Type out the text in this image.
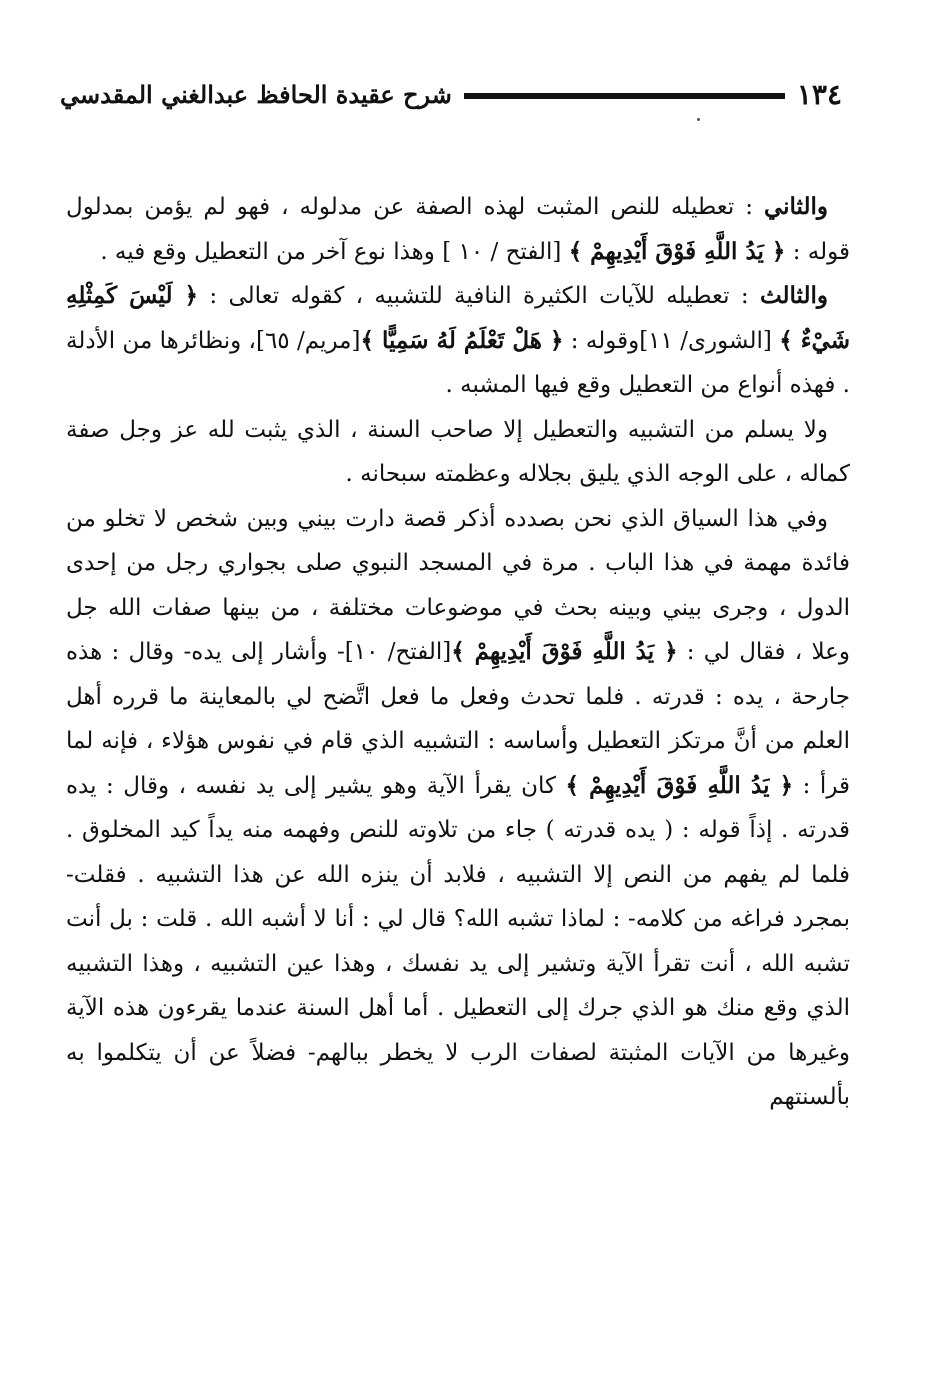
١٣٤
شرح عقيدة الحافظ عبدالغني المقدسي

والثاني : تعطيله للنص المثبت لهذه الصفة عن مدلوله ، فهو لم يؤمن بمدلول قوله : ﴿ يَدُ اللَّهِ فَوْقَ أَيْدِيهِمْ ﴾ [الفتح / ١٠ ] وهذا نوع آخر من التعطيل وقع فيه .

والثالث : تعطيله للآيات الكثيرة النافية للتشبيه ، كقوله تعالى : ﴿ لَيْسَ كَمِثْلِهِ شَيْءٌ ﴾ [الشورى/ ١١]وقوله : ﴿ هَلْ تَعْلَمُ لَهُ سَمِيًّا ﴾[مريم/ ٦٥]، ونظائرها من الأدلة . فهذه أنواع من التعطيل وقع فيها المشبه .

ولا يسلم من التشبيه والتعطيل إلا صاحب السنة ، الذي يثبت لله عز وجل صفة كماله ، على الوجه الذي يليق بجلاله وعظمته سبحانه .

وفي هذا السياق الذي نحن بصدده أذكر قصة دارت بيني وبين شخص لا تخلو من فائدة مهمة في هذا الباب . مرة في المسجد النبوي صلى بجواري رجل من إحدى الدول ، وجرى بيني وبينه بحث في موضوعات مختلفة ، من بينها صفات الله جل وعلا ، فقال لي : ﴿ يَدُ اللَّهِ فَوْقَ أَيْدِيهِمْ ﴾[الفتح/ ١٠]- وأشار إلى يده- وقال : هذه جارحة ، يده : قدرته . فلما تحدث وفعل ما فعل اتَّضح لي بالمعاينة ما قرره أهل العلم من أنَّ مرتكز التعطيل وأساسه : التشبيه الذي قام في نفوس هؤلاء ، فإنه لما قرأ : ﴿ يَدُ اللَّهِ فَوْقَ أَيْدِيهِمْ ﴾ كان يقرأ الآية وهو يشير إلى يد نفسه ، وقال : يده قدرته . إذاً قوله : ( يده قدرته ) جاء من تلاوته للنص وفهمه منه يداً كيد المخلوق . فلما لم يفهم من النص إلا التشبيه ، فلابد أن ينزه الله عن هذا التشبيه . فقلت- بمجرد فراغه من كلامه- : لماذا تشبه الله؟ قال لي : أنا لا أشبه الله . قلت : بل أنت تشبه الله ، أنت تقرأ الآية وتشير إلى يد نفسك ، وهذا عين التشبيه ، وهذا التشبيه الذي وقع منك هو الذي جرك إلى التعطيل . أما أهل السنة عندما يقرءون هذه الآية وغيرها من الآيات المثبتة لصفات الرب لا يخطر ببالهم- فضلاً عن أن يتكلموا به بألسنتهم
